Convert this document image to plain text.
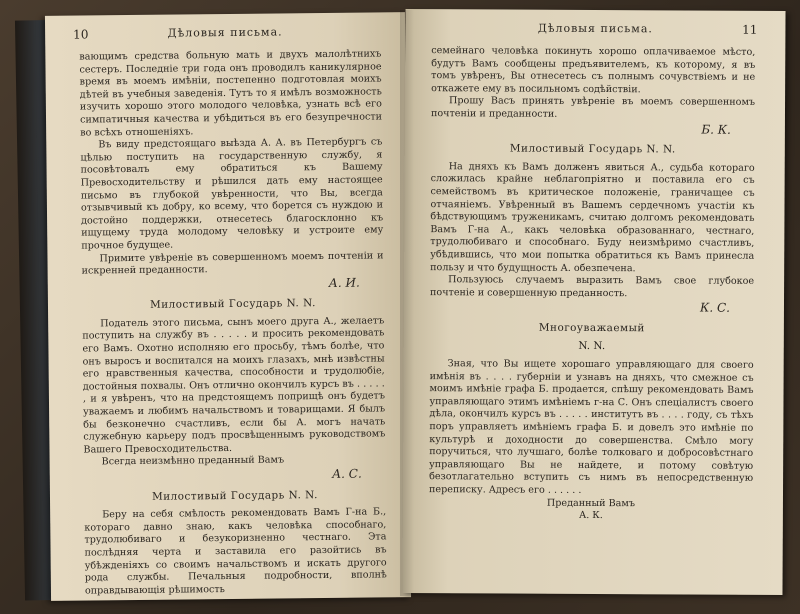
10	Дѣловыя письма.

вающимъ средства больную мать и двухъ малолѣтнихъ сестеръ. Последніе три года онъ проводилъ каникулярное время въ моемъ имѣніи, постепенно подготовлая моихъ дѣтей въ учебныя заведенія. Тутъ то я имѣлъ возможность изучить хорошо этого молодого человѣка, узнать всѣ его симпатичныя качества и убѣдиться въ его безупречности во всѣхъ отношеніяхъ.

Въ виду предстоящаго выѣзда А. А. въ Петербургъ съ цѣлью поступить на государственную службу, я посовѣтовалъ ему обратиться къ Вашему Превосходительству и рѣшился дать ему настоящее письмо въ глубокой увѣренности, что Вы, всегда отзывчивый къ добру, ко всему, что борется съ нуждою и достойно поддержки, отнесетесь благосклонно къ ищущему труда молодому человѣку и устроите ему прочное будущее.

Примите увѣреніе въ совершенномъ моемъ почтеніи и искренней преданности.

А. И.
Милостивый Государь N. N.

Податель этого письма, сынъ моего друга А., желаетъ поступить на службу въ . . . . . и просить рекомендовать его Вамъ. Охотно исполняю его просьбу, тѣмъ болѣе, что онъ выросъ и воспитался на моихъ глазахъ, мнѣ извѣстны его нравственныя качества, способности и трудолюбіе, достойныя похвалы. Онъ отлично окончилъ курсъ въ . . . . . , и я увѣренъ, что на предстоящемъ поприщѣ онъ будетъ уважаемъ и любимъ начальствомъ и товарищами. Я былъ бы безконечно счастливъ, если бы А. могъ начать служебную карьеру подъ просвѣщеннымъ руководствомъ Вашего Превосходительства.

Всегда неизмѣнно преданный Вамъ

А. С.
Милостивый Государь N. N.

Беру на себя смѣлость рекомендовать Вамъ Г-на Б., котораго давно знаю, какъ человѣка способнаго, трудолюбиваго и безукоризненно честнаго. Эта послѣдняя черта и заставила его разойтись въ убѣжденіяхъ со своимъ начальствомъ и искать другого рода службы. Печальныя подробности, вполнѣ оправдывающія рѣшимость

Дѣловыя письма.	11

семейнаго человѣка покинуть хорошо оплачиваемое мѣсто, будутъ Вамъ сообщены предъявителемъ, къ которому, я въ томъ увѣренъ, Вы отнесетесь съ полнымъ сочувствіемъ и не откажете ему въ посильномъ содѣйствіи.

Прошу Васъ принять увѣреніе въ моемъ совершенномъ почтеніи и преданности.

Б. К.
Милостивый Государь N. N.

На дняхъ къ Вамъ долженъ явиться А., судьба котораго сложилась крайне неблагопріятно и поставила его съ семействомъ въ критическое положеніе, граничащее съ отчаяніемъ. Увѣренный въ Вашемъ сердечномъ участіи къ бѣдствующимъ труженикамъ, считаю долгомъ рекомендовать Вамъ Г-на А., какъ человѣка образованнаго, честнаго, трудолюбиваго и способнаго. Буду неизмѣримо счастливъ, убѣдившись, что мои попытка обратиться къ Вамъ принесла пользу и что будущность А. обезпечена.

Пользуюсь случаемъ выразить Вамъ свое глубокое почтеніе и совершенную преданность.

К. С.
Многоуважаемый
N. N.

Зная, что Вы ищете хорошаго управляющаго для своего имѣнія въ . . . . губерніи и узнавъ на дняхъ, что смежное съ моимъ имѣніе графа Б. продается, спѣшу рекомендовать Вамъ управляющаго этимъ имѣніемъ г-на С. Онъ спеціалистъ своего дѣла, окончилъ курсъ въ . . . . . институтъ въ . . . . году, съ тѣхъ поръ управляетъ имѣніемъ графа Б. и довелъ это имѣніе по культурѣ и доходности до совершенства. Смѣло могу поручиться, что лучшаго, болѣе толковаго и добросовѣстнаго управляющаго Вы не найдете, и потому совѣтую безотлагательно вступить съ нимъ въ непосредственную переписку. Адресъ его . . . . . .

Преданный Вамъ
А. К.
